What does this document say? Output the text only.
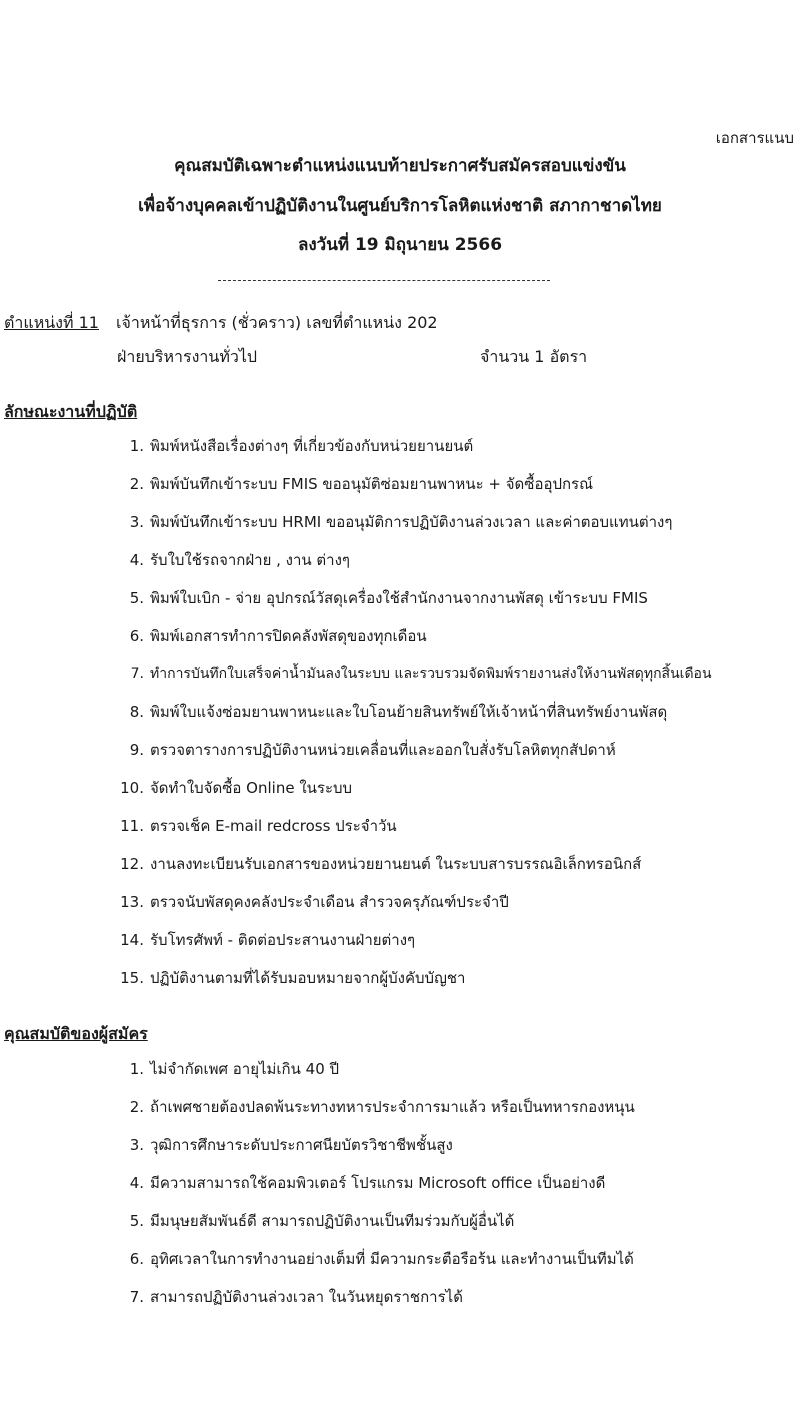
เอกสารแนบ
คุณสมบัติเฉพาะตำแหน่งแนบท้ายประกาศรับสมัครสอบแข่งขัน
เพื่อจ้างบุคคลเข้าปฏิบัติงานในศูนย์บริการโลหิตแห่งชาติ สภากาชาดไทย
ลงวันที่ 19 มิถุนายน 2566
ตำแหน่งที่ 11 เจ้าหน้าที่ธุรการ (ชั่วคราว) เลขที่ตำแหน่ง 202
ฝ่ายบริหารงานทั่วไป	จำนวน 1 อัตรา
ลักษณะงานที่ปฏิบัติ
1. พิมพ์หนังสือเรื่องต่างๆ ที่เกี่ยวข้องกับหน่วยยานยนต์
2. พิมพ์บันทึกเข้าระบบ FMIS ขออนุมัติซ่อมยานพาหนะ + จัดซื้ออุปกรณ์
3. พิมพ์บันทึกเข้าระบบ HRMI ขออนุมัติการปฏิบัติงานล่วงเวลา และค่าตอบแทนต่างๆ
4. รับใบใช้รถจากฝ่าย , งาน ต่างๆ
5. พิมพ์ใบเบิก - จ่าย อุปกรณ์วัสดุเครื่องใช้สำนักงานจากงานพัสดุ เข้าระบบ FMIS
6. พิมพ์เอกสารทำการปิดคลังพัสดุของทุกเดือน
7. ทำการบันทึกใบเสร็จค่าน้ำมันลงในระบบ และรวบรวมจัดพิมพ์รายงานส่งให้งานพัสดุทุกสิ้นเดือน
8. พิมพ์ใบแจ้งซ่อมยานพาหนะและใบโอนย้ายสินทรัพย์ให้เจ้าหน้าที่สินทรัพย์งานพัสดุ
9. ตรวจตารางการปฏิบัติงานหน่วยเคลื่อนที่และออกใบสั่งรับโลหิตทุกสัปดาห์
10. จัดทำใบจัดซื้อ Online ในระบบ
11. ตรวจเช็ค E-mail redcross ประจำวัน
12. งานลงทะเบียนรับเอกสารของหน่วยยานยนต์ ในระบบสารบรรณอิเล็กทรอนิกส์
13. ตรวจนับพัสดุคงคลังประจำเดือน สำรวจครุภัณฑ์ประจำปี
14. รับโทรศัพท์ - ติดต่อประสานงานฝ่ายต่างๆ
15. ปฏิบัติงานตามที่ได้รับมอบหมายจากผู้บังคับบัญชา
คุณสมบัติของผู้สมัคร
1. ไม่จำกัดเพศ อายุไม่เกิน 40 ปี
2. ถ้าเพศชายต้องปลดพ้นระทางทหารประจำการมาแล้ว หรือเป็นทหารกองหนุน
3. วุฒิการศึกษาระดับประกาศนียบัตรวิชาชีพชั้นสูง
4. มีความสามารถใช้คอมพิวเตอร์ โปรแกรม Microsoft office เป็นอย่างดี
5. มีมนุษยสัมพันธ์ดี สามารถปฏิบัติงานเป็นทีมร่วมกับผู้อื่นได้
6. อุทิศเวลาในการทำงานอย่างเต็มที่ มีความกระตือรือร้น และทำงานเป็นทีมได้
7. สามารถปฏิบัติงานล่วงเวลา ในวันหยุดราชการได้
